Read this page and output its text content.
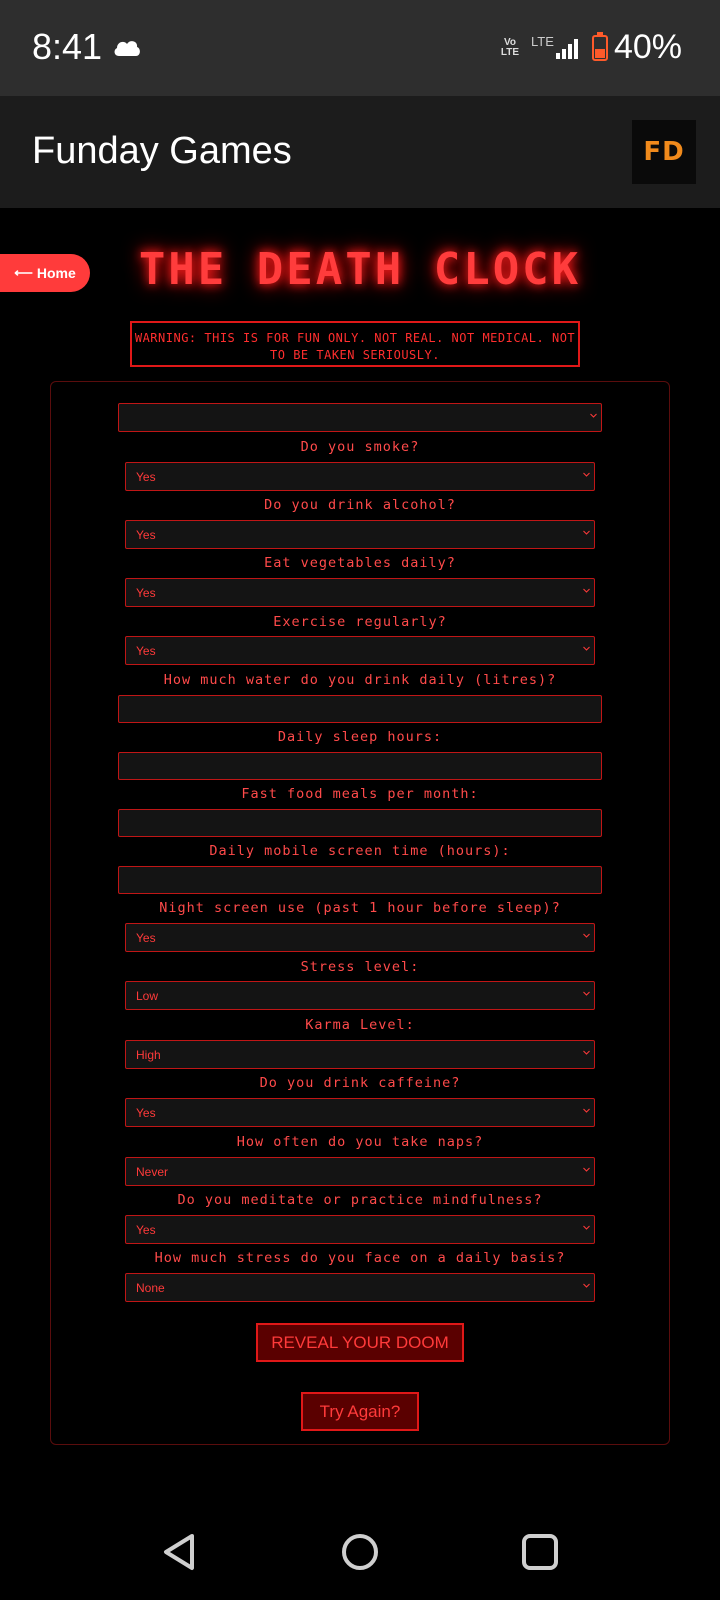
8:41	Vo
LTE
LTE 40%
Funday Games	FD
⟵ Home	THE DEATH CLOCK
WARNING: THIS IS FOR FUN ONLY. NOT REAL. NOT MEDICAL. NOT TO BE TAKEN SERIOUSLY.
Do you smoke?
Yes
Do you drink alcohol?
Yes
Eat vegetables daily?
Yes
Exercise regularly?
Yes
How much water do you drink daily (litres)?
Daily sleep hours:
Fast food meals per month:
Daily mobile screen time (hours):
Night screen use (past 1 hour before sleep)?
Yes
Stress level:
Low
Karma Level:
High
Do you drink caffeine?
Yes
How often do you take naps?
Never
Do you meditate or practice mindfulness?
Yes
How much stress do you face on a daily basis?
None
REVEAL YOUR DOOM
Try Again?
